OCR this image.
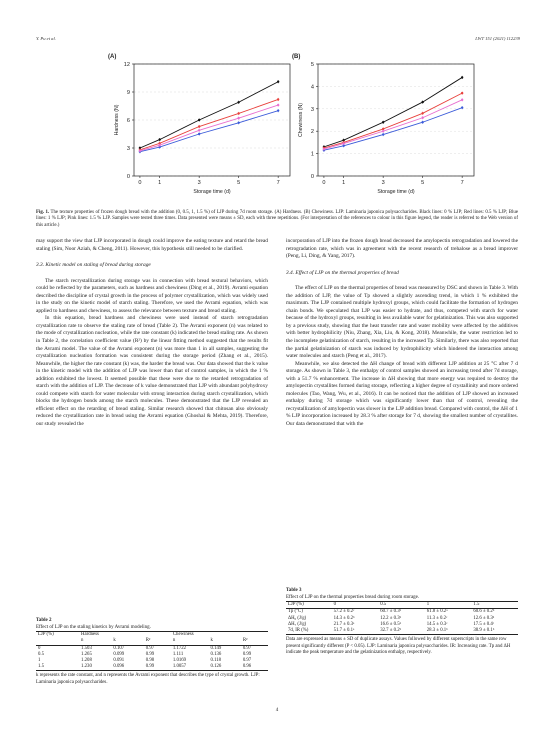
Y. Pu et al.	LWT 151 (2021) 112239
0
3
6
9
12
0	1	3	5	7
(A)
Storage time (d)
Hardness (N)
0
1
2
3
4
5
0	1	3	5	7
(B)
Storage time (d)
Chewiness (N)
Fig. 1. The texture properties of frozen dough bread with the addition (0, 0.5, 1, 1.5 %) of LJP during 7d room storage. (A) Hardness. (B) Chewiness. LJP: Laminaria japonica polysaccharides. Black lines: 0 % LJP; Red lines: 0.5 % LJP; Blue lines: 1 % LJP; Pink lines: 1.5 % LJP. Samples were tested three times. Data presented were means ± SD, each with three repetitions. (For interpretation of the references to colour in this figure legend, the reader is referred to the Web version of this article.)

may support the view that LJP incorporated in dough could improve the eating texture and retard the bread staling (Sim, Noor Aziah, & Cheng, 2011). However, this hypothesis still needed to be clarified.

3.3. Kinetic model on staling of bread during storage

The starch recrystallization during storage was in connection with bread textural behaviors, which could be reflected by the parameters, such as hardness and chewiness (Ding et al., 2019). Avrami equation described the discipline of crystal growth in the process of polymer crystallization, which was widely used in the study on the kinetic model of starch staling. Therefore, we used the Avrami equation, which was applied to hardness and chewiness, to assess the relevance between texture and bread staling.

In this equation, bread hardness and chewiness were used instead of starch retrogradation crystallization rate to observe the staling rate of bread (Table 2). The Avrami exponent (n) was related to the mode of crystallization nucleation, while the rate constant (k) indicated the bread staling rate. As shown in Table 2, the correlation coefficient value (R²) by the linear fitting method suggested that the results fit the Avrami model. The value of the Avrami exponent (n) was more than 1 in all samples, suggesting the crystallization nucleation formation was consistent during the storage period (Zhang et al., 2015). Meanwhile, the higher the rate constant (k) was, the harder the bread was. Our data showed that the k value in the kinetic model with the addition of LJP was lower than that of control samples, in which the 1 % addition exhibited the lowest. It seemed possible that these were due to the retarded retrogradation of starch with the addition of LJP. The decrease of k value demonstrated that LJP with abundant polyhydroxy could compete with starch for water molecular with strong interaction during starch crystallization, which blocks the hydrogen bonds among the starch molecules. These demonstrated that the LJP revealed an efficient effect on the retarding of bread staling. Similar research showed that chitosan also obviously reduced the crystallization rate in bread using the Avrami equation (Ghoshal & Mehta, 2019). Therefore, our study revealed the

incorporation of LJP into the frozen dough bread decreased the amylopectin retrogradation and lowered the retrogradation rate, which was in agreement with the recent research of trehalose as a bread improver (Peng, Li, Ding, & Yang, 2017).

3.4. Effect of LJP on the thermal properties of bread

The effect of LJP on the thermal properties of bread was measured by DSC and shown in Table 3. With the addition of LJP, the value of Tp showed a slightly ascending trend, in which 1 % exhibited the maximum. The LJP contained multiple hydroxyl groups, which could facilitate the formation of hydrogen chain bonds. We speculated that LJP was easier to hydrate, and thus, competed with starch for water because of the hydroxyl groups, resulting in less available water for gelatinization. This was also supported by a previous study, showing that the heat transfer rate and water mobility were affected by the additives with better hydrophilicity (Niu, Zhang, Xia, Liu, & Kong, 2018). Meanwhile, the water restriction led to the incomplete gelatinization of starch, resulting in the increased Tp. Similarly, there was also reported that the partial gelatinization of starch was induced by hydrophilicity which hindered the interaction among water molecules and starch (Peng et al., 2017).

Meanwhile, we also detected the ΔH change of bread with different LJP addition at 25 °C after 7 d storage. As shown in Table 3, the enthalpy of control samples showed an increasing trend after 7d storage, with a 51.7 % enhancement. The increase in ΔH showing that more energy was required to destroy the amylopectin crystallites formed during storage, reflecting a higher degree of crystallinity and more ordered molecules (Tao, Wang, Wu, et al., 2016). It can be noticed that the addition of LJP showed an increased enthalpy during 7d storage which was significantly lower than that of control, revealing the recrystallization of amylopectin was slower in the LJP addition bread. Compared with control, the ΔH of 1 % LJP incorporation increased by 28.3 % after storage for 7 d, showing the smallest number of crystallites. Our data demonstrated that with the

Table 2
Effect of LJP on the staling kinetics by Avrami modeling.
LJP (%)	Hardness			Chewiness		
	n	k	R²	n	k	R²
0	1.503	0.107	0.97	1.1722	0.149	0.97
0.5	1.265	0.099	0.99	1.111	0.136	0.99
1	1.208	0.091	0.98	1.0169	0.118	0.97
1.5	1.230	0.096	0.99	1.0057	0.126	0.96
k represents the rate constant, and n represents the Avrami exponent that describes the type of crystal growth. LJP: Laminaria japonica polysaccharides.
Table 3
Effect of LJP on the thermal properties bread during room storage.
LJP (%)	0	0.5	1	1.5
Tp (°C)	57.2 ± 0.2ᶜ	60.7 ± 0.3ᵇ	61.8 ± 0.2ᵃ	60.6 ± 0.2ᵇ
ΔH₀ (J/g)	14.3 ± 0.2ᵇ	12.2 ± 0.3ᵇ	11.3 ± 0.2ᶜ	12.6 ± 0.3ᵈ
ΔH₇ (J/g)	21.7 ± 0.3ᵃ	16.6 ± 0.5ᵇ	14.5 ± 0.3ᶜ	17.5 ± 0.4ᵉ
7d, IR (%)	51.7 ± 0.1ᵃ	32.7 ± 0.2ᵇ	28.3 ± 0.1ᵇ	38.9 ± 0.1ᵇ
Data are expressed as means ± SD of duplicate assays. Values followed by different superscripts in the same row present significantly different (P < 0.05). LJP: Laminaria japonica polysaccharides. IR: Increasing rate. Tp and ΔH indicate the peak temperature and the gelatinization enthalpy, respectively.
4
